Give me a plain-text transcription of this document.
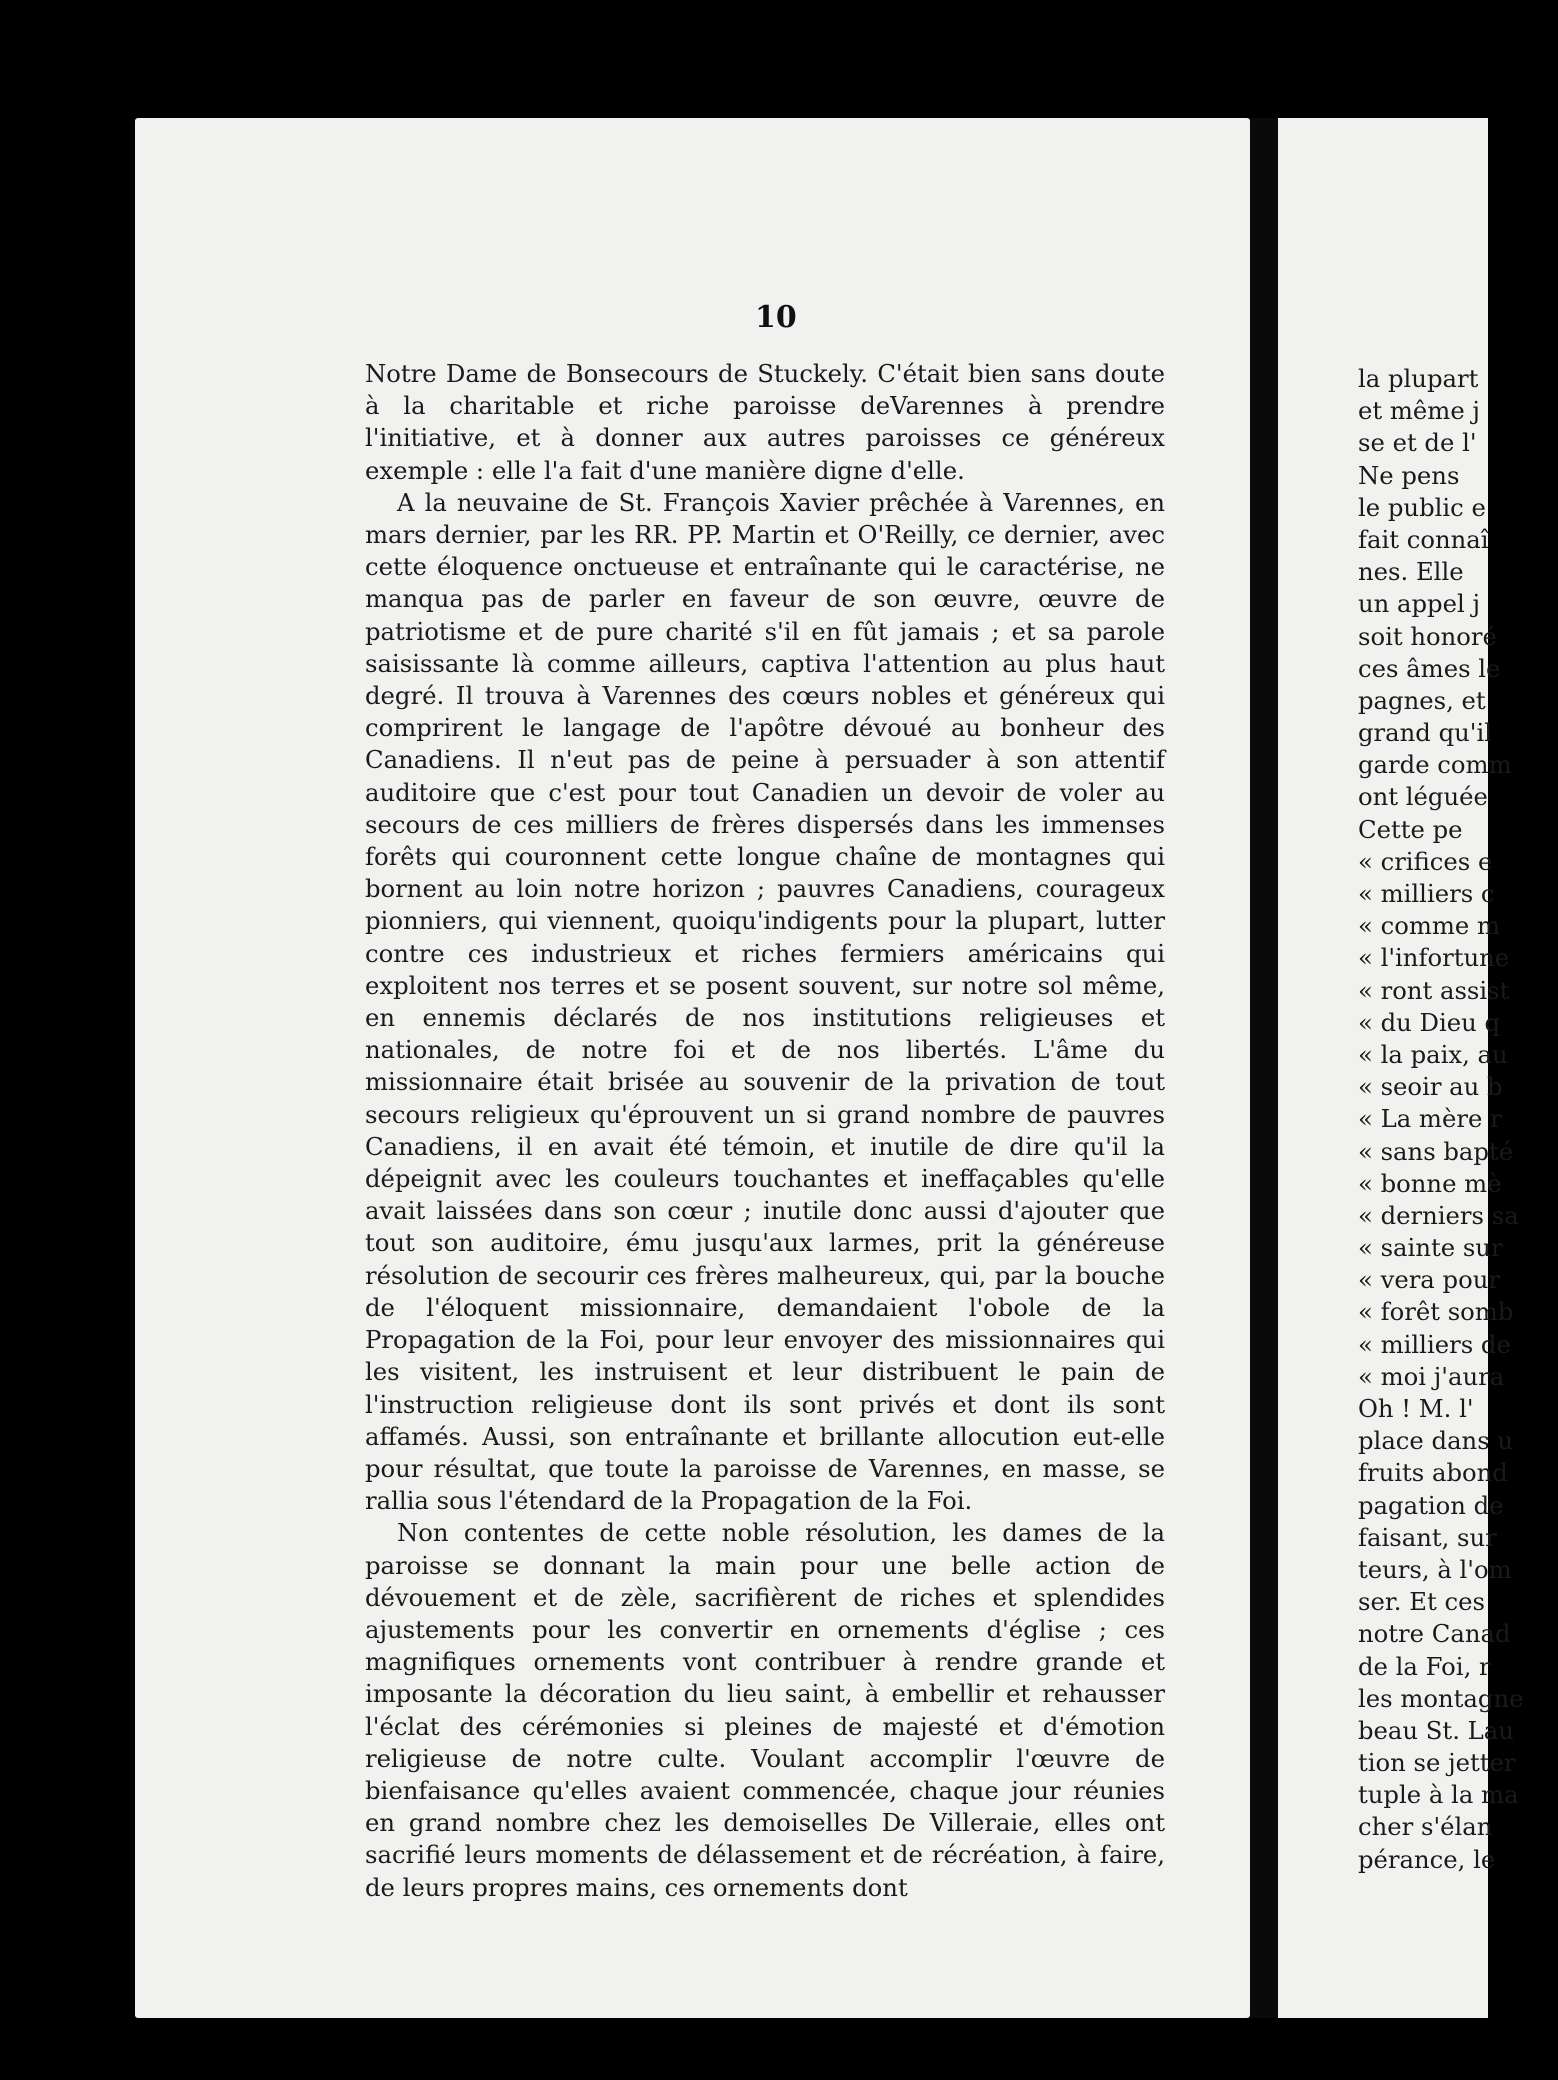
10

Notre Dame de Bonsecours de Stuckely. C'était bien sans doute à la charitable et riche paroisse deVarennes à prendre l'initiative, et à donner aux autres paroisses ce généreux exemple : elle l'a fait d'une manière digne d'elle.

A la neuvaine de St. François Xavier prêchée à Varennes, en mars dernier, par les RR. PP. Martin et O'Reilly, ce dernier, avec cette éloquence onctueuse et entraînante qui le caractérise, ne manqua pas de parler en faveur de son œuvre, œuvre de patriotisme et de pure charité s'il en fût jamais ; et sa parole saisissante là comme ailleurs, captiva l'attention au plus haut degré. Il trouva à Varennes des cœurs nobles et généreux qui comprirent le langage de l'apôtre dévoué au bonheur des Canadiens. Il n'eut pas de peine à persuader à son attentif auditoire que c'est pour tout Canadien un devoir de voler au secours de ces milliers de frères dispersés dans les immenses forêts qui couronnent cette longue chaîne de montagnes qui bornent au loin notre horizon ; pauvres Canadiens, courageux pionniers, qui viennent, quoiqu'indigents pour la plupart, lutter contre ces industrieux et riches fermiers américains qui exploitent nos terres et se posent souvent, sur notre sol même, en ennemis déclarés de nos institutions religieuses et nationales, de notre foi et de nos libertés. L'âme du missionnaire était brisée au souvenir de la privation de tout secours religieux qu'éprouvent un si grand nombre de pauvres Canadiens, il en avait été témoin, et inutile de dire qu'il la dépeignit avec les couleurs touchantes et ineffaçables qu'elle avait laissées dans son cœur ; inutile donc aussi d'ajouter que tout son auditoire, ému jusqu'aux larmes, prit la généreuse résolution de secourir ces frères malheureux, qui, par la bouche de l'éloquent missionnaire, demandaient l'obole de la Propagation de la Foi, pour leur envoyer des missionnaires qui les visitent, les instruisent et leur distribuent le pain de l'instruction religieuse dont ils sont privés et dont ils sont affamés. Aussi, son entraînante et brillante allocution eut-elle pour résultat, que toute la paroisse de Varennes, en masse, se rallia sous l'étendard de la Propagation de la Foi.

Non contentes de cette noble résolution, les dames de la paroisse se donnant la main pour une belle action de dévouement et de zèle, sacrifièrent de riches et splendides ajustements pour les convertir en ornements d'église ; ces magnifiques ornements vont contribuer à rendre grande et imposante la décoration du lieu saint, à embellir et rehausser l'éclat des cérémonies si pleines de majesté et d'émotion religieuse de notre culte. Voulant accomplir l'œuvre de bienfaisance qu'elles avaient commencée, chaque jour réunies en grand nombre chez les demoiselles De Villeraie, elles ont sacrifié leurs moments de délassement et de récréation, à faire, de leurs propres mains, ces ornements dont

la plupart
et même j
se et de l'
Ne pens
le public e
fait connaî
nes. Elle
un appel j
soit honoré
ces âmes le
pagnes, et
grand qu'il
garde comm
ont léguée
Cette pe
« crifices e
« milliers c
« comme m
« l'infortune
« ront assist
« du Dieu q
« la paix, au
« seoir au b
« La mère r
« sans bapté
« bonne mè
« derniers sa
« sainte sur
« vera pour
« forêt somb
« milliers de
« moi j'aura
Oh ! M. l'
place dans u
fruits abond
pagation de
faisant, sur
teurs, à l'om
ser. Et ces
notre Canad
de la Foi, r
les montagne
beau St. Lau
tion se jetter
tuple à la ma
cher s'élan
pérance, le
